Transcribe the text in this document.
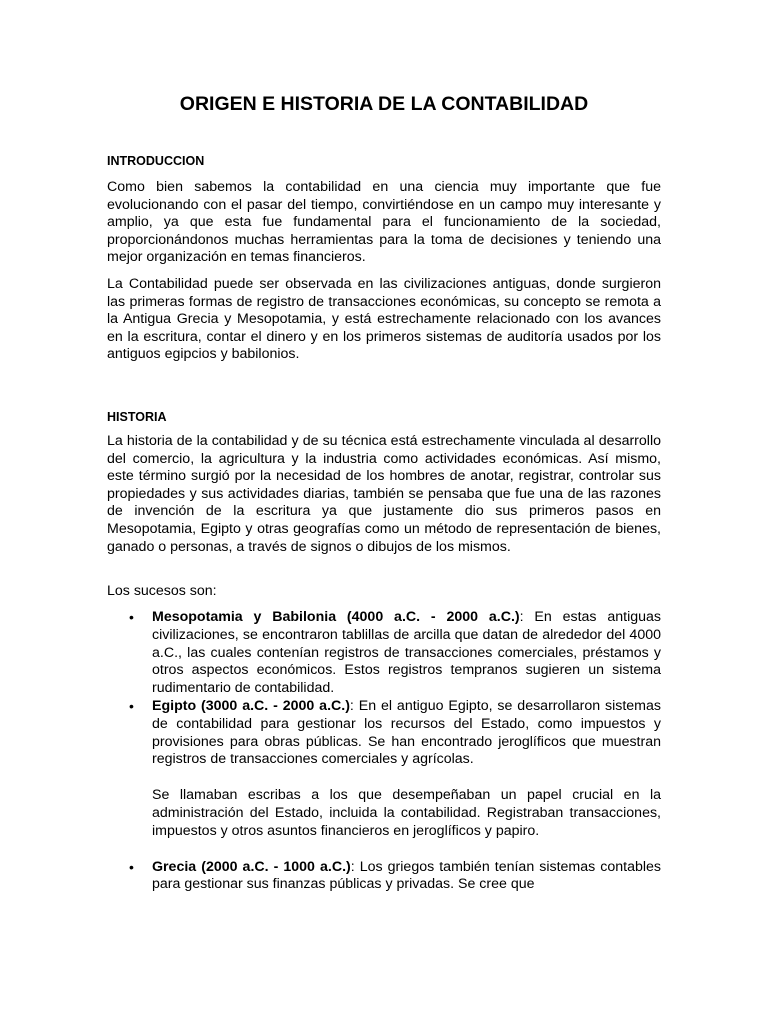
ORIGEN E HISTORIA DE LA CONTABILIDAD
INTRODUCCION
Como bien sabemos la contabilidad en una ciencia muy importante que fue evolucionando con el pasar del tiempo, convirtiéndose en un campo muy interesante y amplio, ya que esta fue fundamental para el funcionamiento de la sociedad, proporcionándonos muchas herramientas para la toma de decisiones y teniendo una mejor organización en temas financieros.
La Contabilidad puede ser observada en las civilizaciones antiguas, donde surgieron las primeras formas de registro de transacciones económicas, su concepto se remota a la Antigua Grecia y Mesopotamia, y está estrechamente relacionado con los avances en la escritura, contar el dinero y en los primeros sistemas de auditoría usados por los antiguos egipcios y babilonios.
HISTORIA
La historia de la contabilidad y de su técnica está estrechamente vinculada al desarrollo del comercio, la agricultura y la industria como actividades económicas. Así mismo, este término surgió por la necesidad de los hombres de anotar, registrar, controlar sus propiedades y sus actividades diarias, también se pensaba que fue una de las razones de invención de la escritura ya que justamente dio sus primeros pasos en Mesopotamia, Egipto y otras geografías como un método de representación de bienes, ganado o personas, a través de signos o dibujos de los mismos.
Los sucesos son:
• Mesopotamia y Babilonia (4000 a.C. - 2000 a.C.): En estas antiguas civilizaciones, se encontraron tablillas de arcilla que datan de alrededor del 4000 a.C., las cuales contenían registros de transacciones comerciales, préstamos y otros aspectos económicos. Estos registros tempranos sugieren un sistema rudimentario de contabilidad.
• Egipto (3000 a.C. - 2000 a.C.): En el antiguo Egipto, se desarrollaron sistemas de contabilidad para gestionar los recursos del Estado, como impuestos y provisiones para obras públicas. Se han encontrado jeroglíficos que muestran registros de transacciones comerciales y agrícolas.
Se llamaban escribas a los que desempeñaban un papel crucial en la administración del Estado, incluida la contabilidad. Registraban transacciones, impuestos y otros asuntos financieros en jeroglíficos y papiro.
• Grecia (2000 a.C. - 1000 a.C.): Los griegos también tenían sistemas contables para gestionar sus finanzas públicas y privadas. Se cree que
